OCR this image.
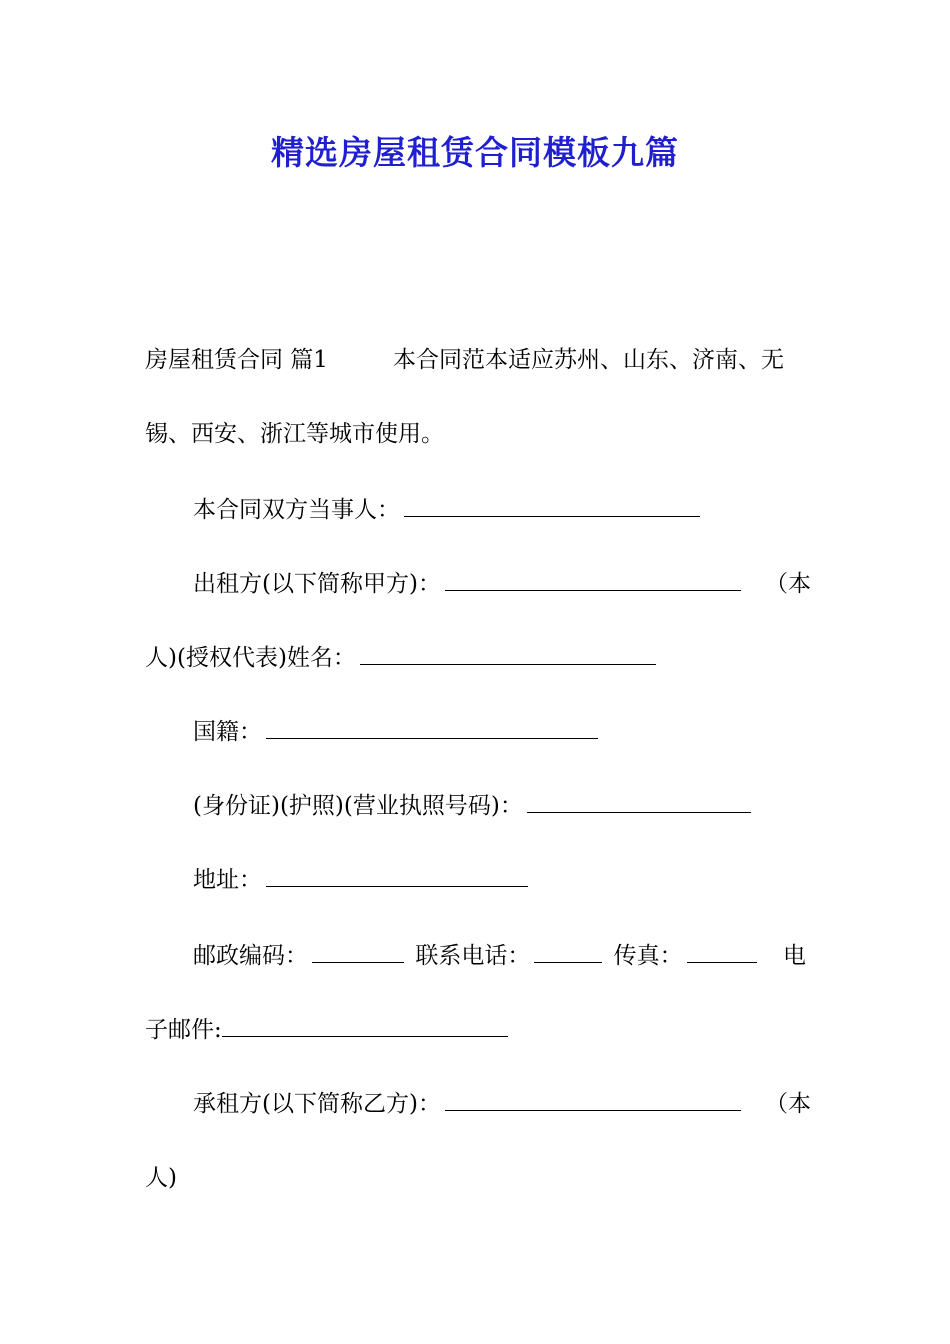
精选房屋租赁合同模板九篇
房屋租赁合同 篇1	本合同范本适应苏州、山东、济南、无
锡、西安、浙江等城市使用。
本合同双方当事人：
出租方(以下简称甲方)：	（本
人)(授权代表)姓名：
国籍：
(身份证)(护照)(营业执照号码)：
地址：
邮政编码：	联系电话：	传真：	电
子邮件:
承租方(以下简称乙方)：	（本
人)
